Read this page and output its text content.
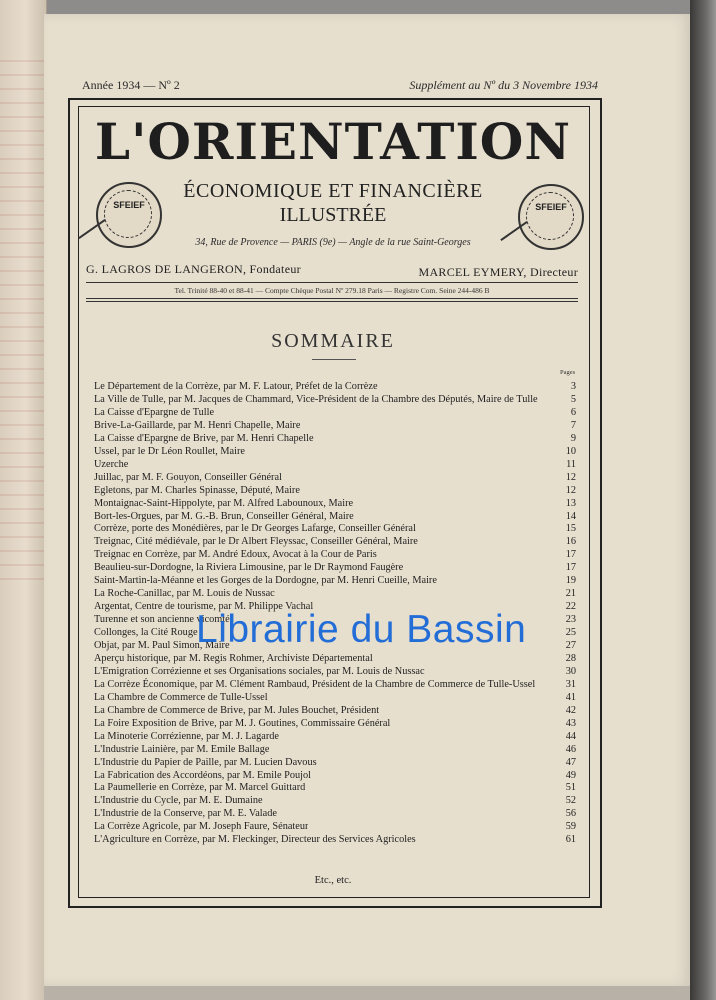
Année 1934 — Nº 2	Supplément au Nº du 3 Novembre 1934
L'ORIENTATION
ÉCONOMIQUE ET FINANCIÈRE
ILLUSTRÉE
34, Rue de Provence — PARIS (9e) — Angle de la rue Saint-Georges
SFEIEF	SFEIEF
G. LAGROS DE LANGERON, Fondateur	MARCEL EYMERY, Directeur
Tel. Trinité 88-40 et 88-41 — Compte Chèque Postal Nº 279.18 Paris — Registre Com. Seine 244-486 B
SOMMAIRE
Pages
Le Département de la Corrèze, par M. F. Latour, Préfet de la Corrèze	3
La Ville de Tulle, par M. Jacques de Chammard, Vice-Président de la Chambre des Députés, Maire de Tulle	5
La Caisse d'Epargne de Tulle	6
Brive-La-Gaillarde, par M. Henri Chapelle, Maire	7
La Caisse d'Epargne de Brive, par M. Henri Chapelle	9
Ussel, par le Dr Léon Roullet, Maire	10
Uzerche	11
Juillac, par M. F. Gouyon, Conseiller Général	12
Egletons, par M. Charles Spinasse, Député, Maire	12
Montaignac-Saint-Hippolyte, par M. Alfred Labounoux, Maire	13
Bort-les-Orgues, par M. G.-B. Brun, Conseiller Général, Maire	14
Corrèze, porte des Monédières, par le Dr Georges Lafarge, Conseiller Général	15
Treignac, Cité médiévale, par le Dr Albert Fleyssac, Conseiller Général, Maire	16
Treignac en Corrèze, par M. André Edoux, Avocat à la Cour de Paris	17
Beaulieu-sur-Dordogne, la Riviera Limousine, par le Dr Raymond Faugère	17
Saint-Martin-la-Méanne et les Gorges de la Dordogne, par M. Henri Cueille, Maire	19
La Roche-Canillac, par M. Louis de Nussac	21
Argentat, Centre de tourisme, par M. Philippe Vachal	22
Turenne et son ancienne vicomté	23
Collonges, la Cité Rouge	25
Objat, par M. Paul Simon, Maire	27
Aperçu historique, par M. Regis Rohmer, Archiviste Départemental	28
L'Emigration Corrézienne et ses Organisations sociales, par M. Louis de Nussac	30
La Corrèze Économique, par M. Clément Rambaud, Président de la Chambre de Commerce de Tulle-Ussel	31
La Chambre de Commerce de Tulle-Ussel	41
La Chambre de Commerce de Brive, par M. Jules Bouchet, Président	42
La Foire Exposition de Brive, par M. J. Goutines, Commissaire Général	43
La Minoterie Corrézienne, par M. J. Lagarde	44
L'Industrie Lainière, par M. Emile Ballage	46
L'Industrie du Papier de Paille, par M. Lucien Davous	47
La Fabrication des Accordéons, par M. Emile Poujol	49
La Paumellerie en Corrèze, par M. Marcel Guittard	51
L'Industrie du Cycle, par M. E. Dumaine	52
L'Industrie de la Conserve, par M. E. Valade	56
La Corrèze Agricole, par M. Joseph Faure, Sénateur	59
L'Agriculture en Corrèze, par M. Fleckinger, Directeur des Services Agricoles	61
Etc., etc.
Librairie du Bassin
